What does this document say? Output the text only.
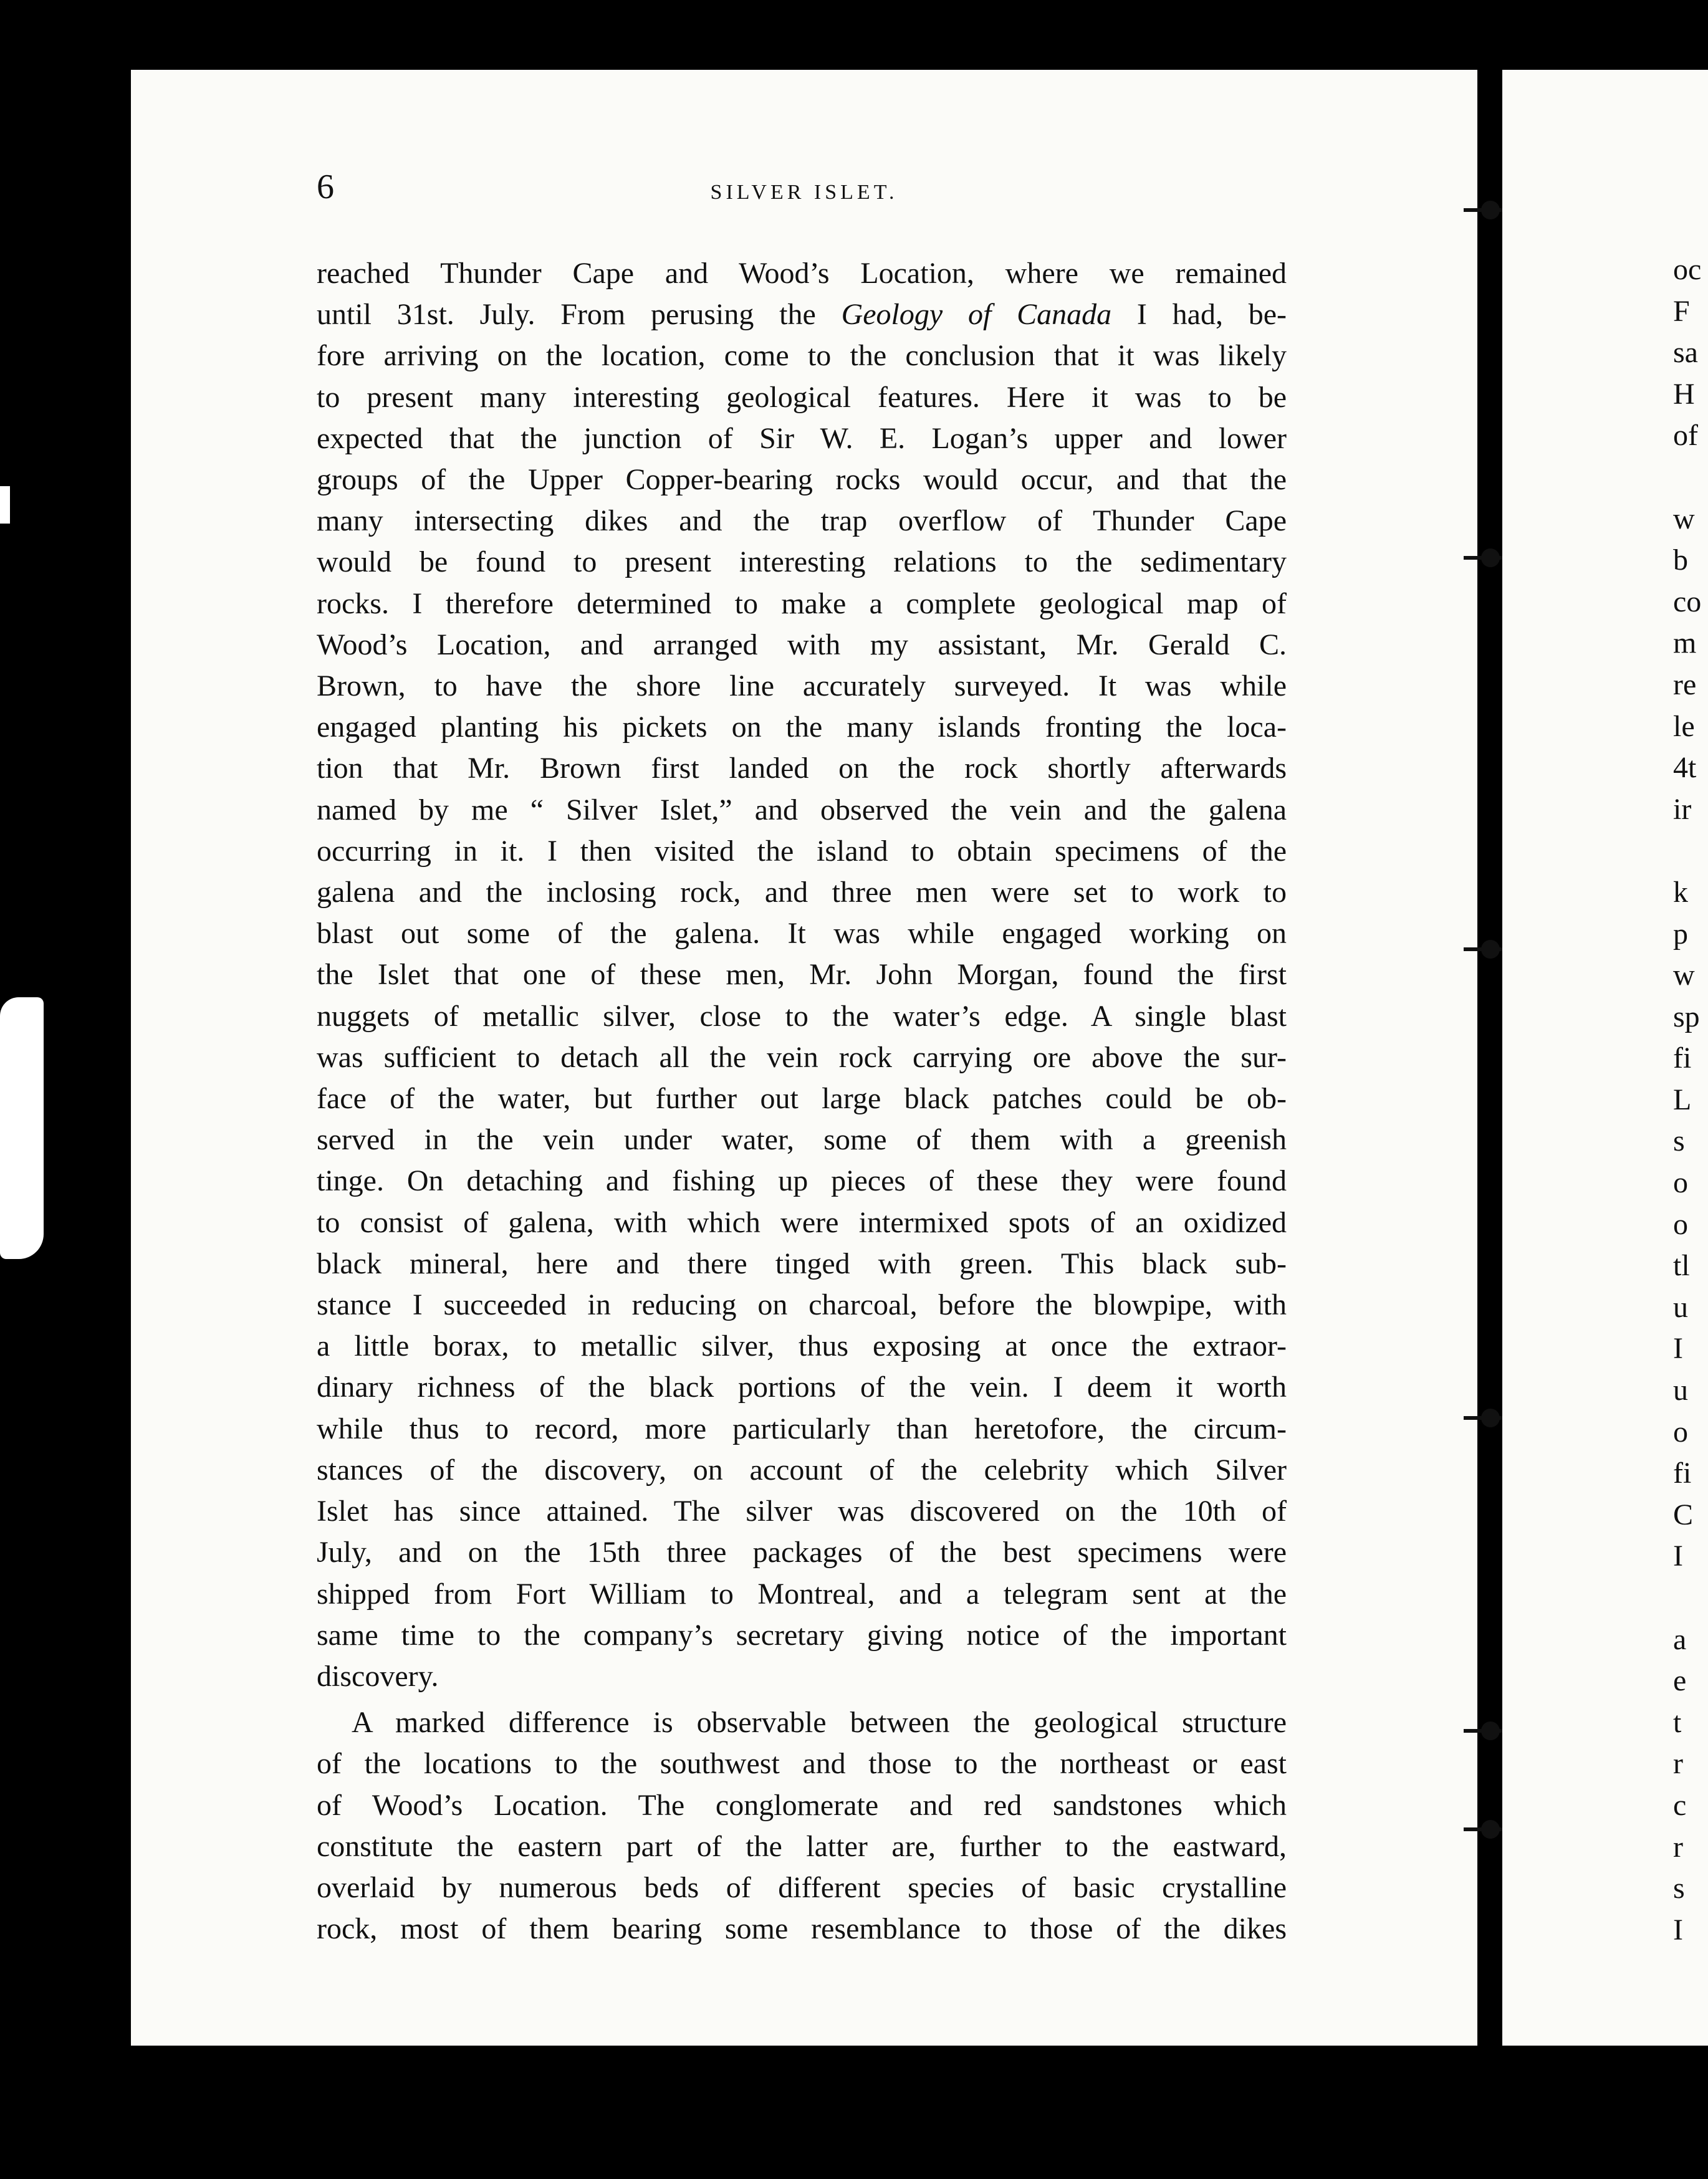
6	SILVER ISLET.
reached Thunder Cape and Wood’s Location, where we remained
until 31st. July. From perusing the Geology of Canada I had, be-
fore arriving on the location, come to the conclusion that it was likely
to present many interesting geological features. Here it was to be
expected that the junction of Sir W. E. Logan’s upper and lower
groups of the Upper Copper-bearing rocks would occur, and that the
many intersecting dikes and the trap overflow of Thunder Cape
would be found to present interesting relations to the sedimentary
rocks. I therefore determined to make a complete geological map of
Wood’s Location, and arranged with my assistant, Mr. Gerald C.
Brown, to have the shore line accurately surveyed. It was while
engaged planting his pickets on the many islands fronting the loca-
tion that Mr. Brown first landed on the rock shortly afterwards
named by me “ Silver Islet,” and observed the vein and the galena
occurring in it. I then visited the island to obtain specimens of the
galena and the inclosing rock, and three men were set to work to
blast out some of the galena. It was while engaged working on
the Islet that one of these men, Mr. John Morgan, found the first
nuggets of metallic silver, close to the water’s edge. A single blast
was sufficient to detach all the vein rock carrying ore above the sur-
face of the water, but further out large black patches could be ob-
served in the vein under water, some of them with a greenish
tinge. On detaching and fishing up pieces of these they were found
to consist of galena, with which were intermixed spots of an oxidized
black mineral, here and there tinged with green. This black sub-
stance I succeeded in reducing on charcoal, before the blowpipe, with
a little borax, to metallic silver, thus exposing at once the extraor-
dinary richness of the black portions of the vein. I deem it worth
while thus to record, more particularly than heretofore, the circum-
stances of the discovery, on account of the celebrity which Silver
Islet has since attained. The silver was discovered on the 10th of
July, and on the 15th three packages of the best specimens were
shipped from Fort William to Montreal, and a telegram sent at the
same time to the company’s secretary giving notice of the important
discovery.
A marked difference is observable between the geological structure
of the locations to the southwest and those to the northeast or east
of Wood’s Location. The conglomerate and red sandstones which
constitute the eastern part of the latter are, further to the eastward,
overlaid by numerous beds of different species of basic crystalline
rock, most of them bearing some resemblance to those of the dikes
oc
F
sa
H
of

w
b
co
m
re
le
4t
ir

k
p
w
sp
fi
L
s
o
o
tl
u
I
u
o
fi
C
I

a
e
t
r
c
r
s
I
